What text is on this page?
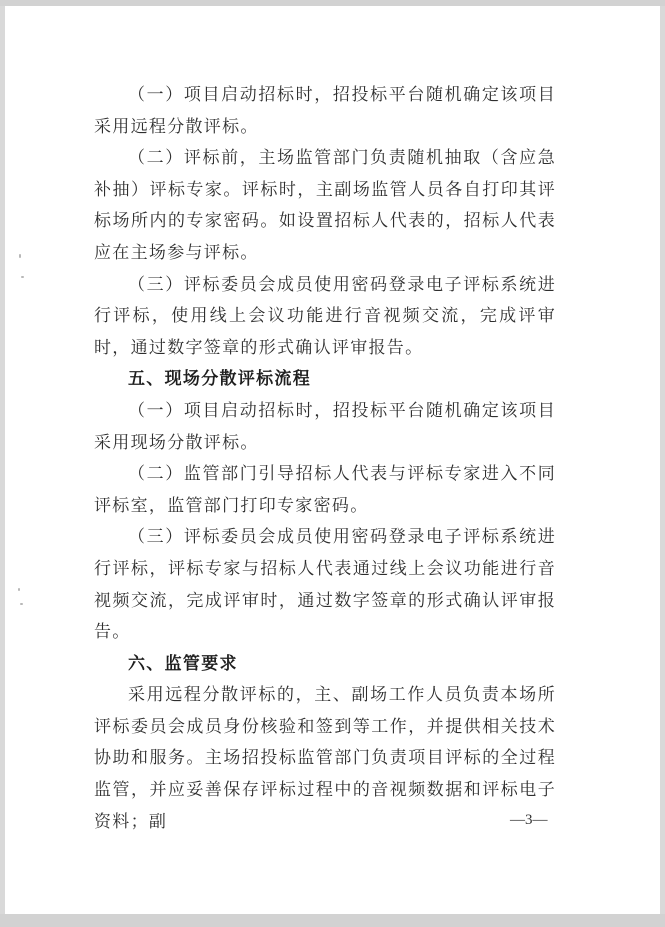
—3—

（一）项目启动招标时，招投标平台随机确定该项目采用远程分散评标。

（二）评标前，主场监管部门负责随机抽取（含应急补抽）评标专家。评标时，主副场监管人员各自打印其评标场所内的专家密码。如设置招标人代表的，招标人代表应在主场参与评标。

（三）评标委员会成员使用密码登录电子评标系统进行评标，使用线上会议功能进行音视频交流，完成评审时，通过数字签章的形式确认评审报告。

五、现场分散评标流程

（一）项目启动招标时，招投标平台随机确定该项目采用现场分散评标。

（二）监管部门引导招标人代表与评标专家进入不同评标室，监管部门打印专家密码。

（三）评标委员会成员使用密码登录电子评标系统进行评标，评标专家与招标人代表通过线上会议功能进行音视频交流，完成评审时，通过数字签章的形式确认评审报告。

六、监管要求

采用远程分散评标的，主、副场工作人员负责本场所评标委员会成员身份核验和签到等工作，并提供相关技术协助和服务。主场招投标监管部门负责项目评标的全过程监管，并应妥善保存评标过程中的音视频数据和评标电子资料；副
